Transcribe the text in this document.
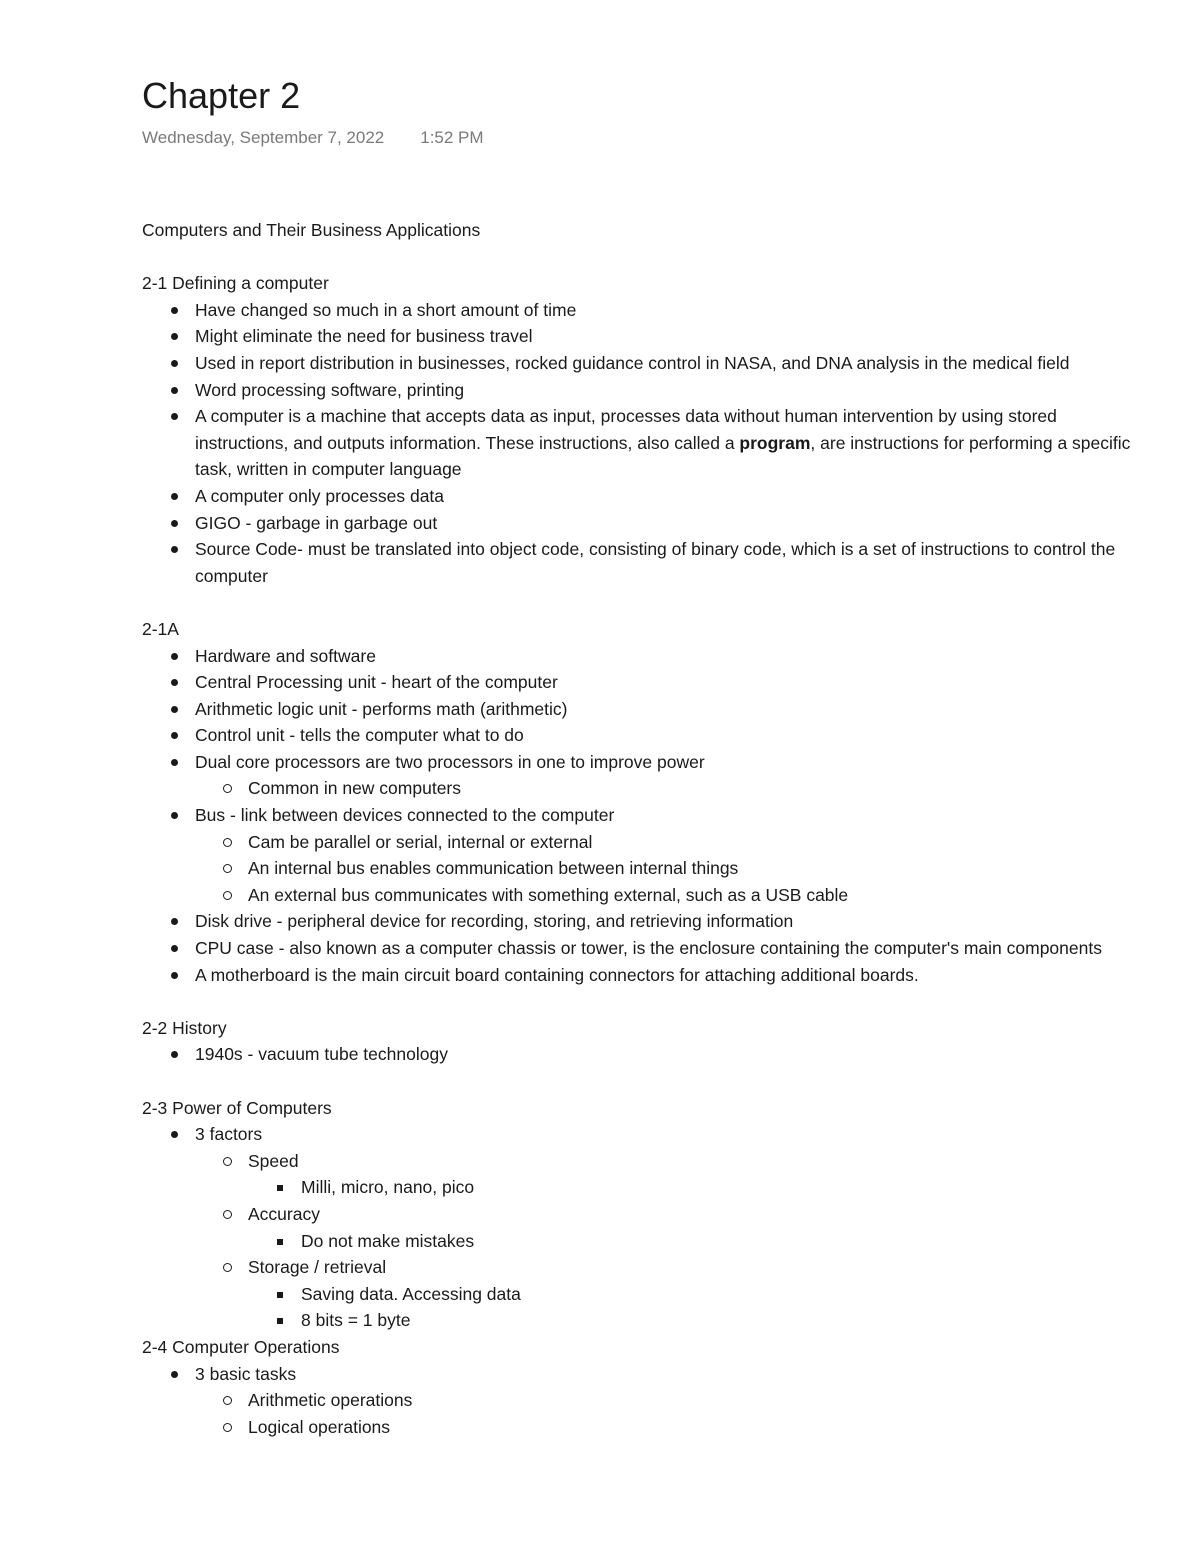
Chapter 2
Wednesday, September 7, 2022 1:52 PM
Computers and Their Business Applications
2-1 Defining a computer
Have changed so much in a short amount of time
Might eliminate the need for business travel
Used in report distribution in businesses, rocked guidance control in NASA, and DNA analysis in the medical field
Word processing software, printing
A computer is a machine that accepts data as input, processes data without human intervention by using stored instructions, and outputs information. These instructions, also called a program, are instructions for performing a specific task, written in computer language
A computer only processes data
GIGO - garbage in garbage out
Source Code- must be translated into object code, consisting of binary code, which is a set of instructions to control the computer
2-1A
Hardware and software
Central Processing unit - heart of the computer
Arithmetic logic unit - performs math (arithmetic)
Control unit - tells the computer what to do
Dual core processors are two processors in one to improve power
Common in new computers
Bus - link between devices connected to the computer
Cam be parallel or serial, internal or external
An internal bus enables communication between internal things
An external bus communicates with something external, such as a USB cable
Disk drive - peripheral device for recording, storing, and retrieving information
CPU case - also known as a computer chassis or tower, is the enclosure containing the computer's main components
A motherboard is the main circuit board containing connectors for attaching additional boards.
2-2 History
1940s - vacuum tube technology
2-3 Power of Computers
3 factors
Speed
Milli, micro, nano, pico
Accuracy
Do not make mistakes
Storage / retrieval
Saving data. Accessing data
8 bits = 1 byte
2-4 Computer Operations
3 basic tasks
Arithmetic operations
Logical operations
